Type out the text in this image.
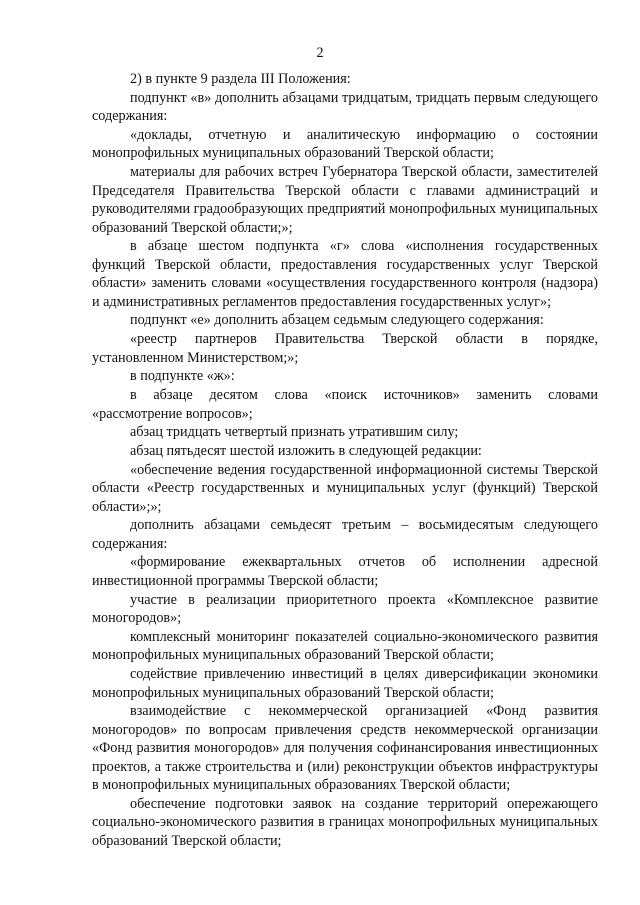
2

2) в пункте 9 раздела III Положения:

подпункт «в» дополнить абзацами тридцатым, тридцать первым следующего содержания:

«доклады, отчетную и аналитическую информацию о состоянии монопрофильных муниципальных образований Тверской области;

материалы для рабочих встреч Губернатора Тверской области, заместителей Председателя Правительства Тверской области с главами администраций и руководителями градообразующих предприятий монопрофильных муниципальных образований Тверской области;»;

в абзаце шестом подпункта «г» слова «исполнения государственных функций Тверской области, предоставления государственных услуг Тверской области» заменить словами «осуществления государственного контроля (надзора) и административных регламентов предоставления государственных услуг»;

подпункт «е» дополнить абзацем седьмым следующего содержания:

«реестр партнеров Правительства Тверской области в порядке, установленном Министерством;»;

в подпункте «ж»:

в абзаце десятом слова «поиск источников» заменить словами «рассмотрение вопросов»;

абзац тридцать четвертый признать утратившим силу;

абзац пятьдесят шестой изложить в следующей редакции:

«обеспечение ведения государственной информационной системы Тверской области «Реестр государственных и муниципальных услуг (функций) Тверской области»;»;

дополнить абзацами семьдесят третьим – восьмидесятым следующего содержания:

«формирование ежеквартальных отчетов об исполнении адресной инвестиционной программы Тверской области;

участие в реализации приоритетного проекта «Комплексное развитие моногородов»;

комплексный мониторинг показателей социально-экономического развития монопрофильных муниципальных образований Тверской области;

содействие привлечению инвестиций в целях диверсификации экономики монопрофильных муниципальных образований Тверской области;

взаимодействие с некоммерческой организацией «Фонд развития моногородов» по вопросам привлечения средств некоммерческой организации «Фонд развития моногородов» для получения софинансирования инвестиционных проектов, а также строительства и (или) реконструкции объектов инфраструктуры в монопрофильных муниципальных образованиях Тверской области;

обеспечение подготовки заявок на создание территорий опережающего социально-экономического развития в границах монопрофильных муниципальных образований Тверской области;
